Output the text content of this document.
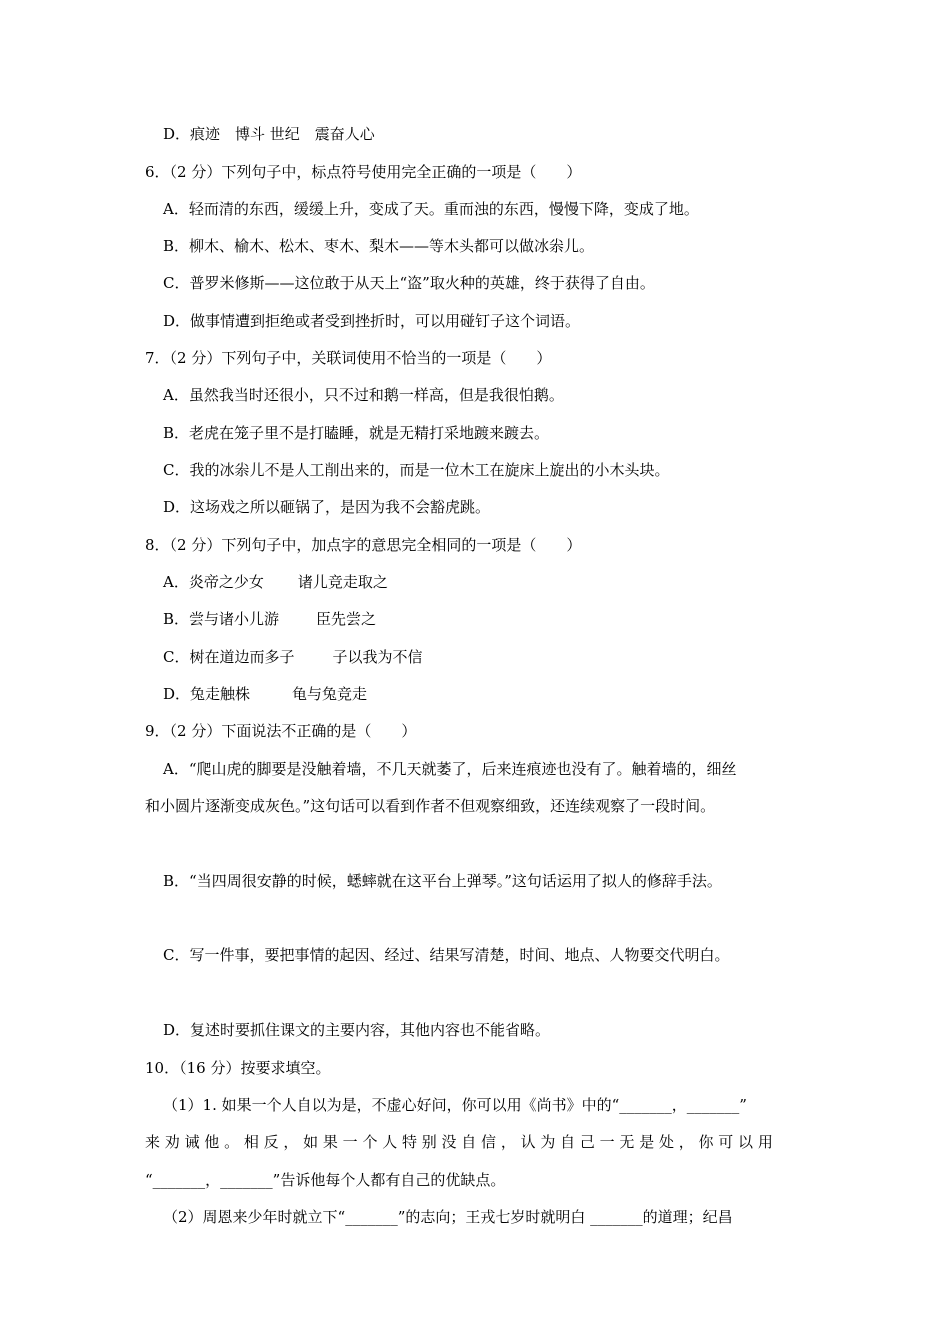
D．痕迹　博斗 世纪　震奋人心
6．（2 分）下列句子中，标点符号使用完全正确的一项是（　　）
A．轻而清的东西，缓缓上升，变成了天。重而浊的东西，慢慢下降，变成了地。
B．柳木、榆木、松木、枣木、梨木——等木头都可以做冰尜儿。
C．普罗米修斯——这位敢于从天上“盗”取火种的英雄，终于获得了自由。
D．做事情遭到拒绝或者受到挫折时，可以用碰钉子这个词语。
7．（2 分）下列句子中，关联词使用不恰当的一项是（　　）
A．虽然我当时还很小，只不过和鹅一样高，但是我很怕鹅。
B．老虎在笼子里不是打瞌睡，就是无精打采地踱来踱去。
C．我的冰尜儿不是人工削出来的，而是一位木工在旋床上旋出的小木头块。
D．这场戏之所以砸锅了，是因为我不会豁虎跳。
8．（2 分）下列句子中，加点字的意思完全相同的一项是（　　）
A．炎帝之少女 诸儿竞走取之
B．尝与诸小儿游 臣先尝之
C．树在道边而多子	子以我为不信
D．兔走触株	龟与兔竞走
9．（2 分）下面说法不正确的是（　　）
A．“爬山虎的脚要是没触着墙，不几天就萎了，后来连痕迹也没有了。触着墙的，细丝
和小圆片逐渐变成灰色。”这句话可以看到作者不但观察细致，还连续观察了一段时间。
B．“当四周很安静的时候，蟋蟀就在这平台上弹琴。”这句话运用了拟人的修辞手法。
C．写一件事，要把事情的起因、经过、结果写清楚，时间、地点、人物要交代明白。
D．复述时要抓住课文的主要内容，其他内容也不能省略。
10．（16 分）按要求填空。
（1）1. 如果一个人自以为是，不虚心好问，你可以用《尚书》中的“_______，_______”
来 劝 诫 他 。 相 反 ， 如 果 一 个 人 特 别 没 自 信 ， 认 为 自 己 一 无 是 处 ， 你 可 以 用
“_______，_______”告诉他每个人都有自己的优缺点。
（2）周恩来少年时就立下“_______”的志向；王戎七岁时就明白 _______的道理；纪昌
